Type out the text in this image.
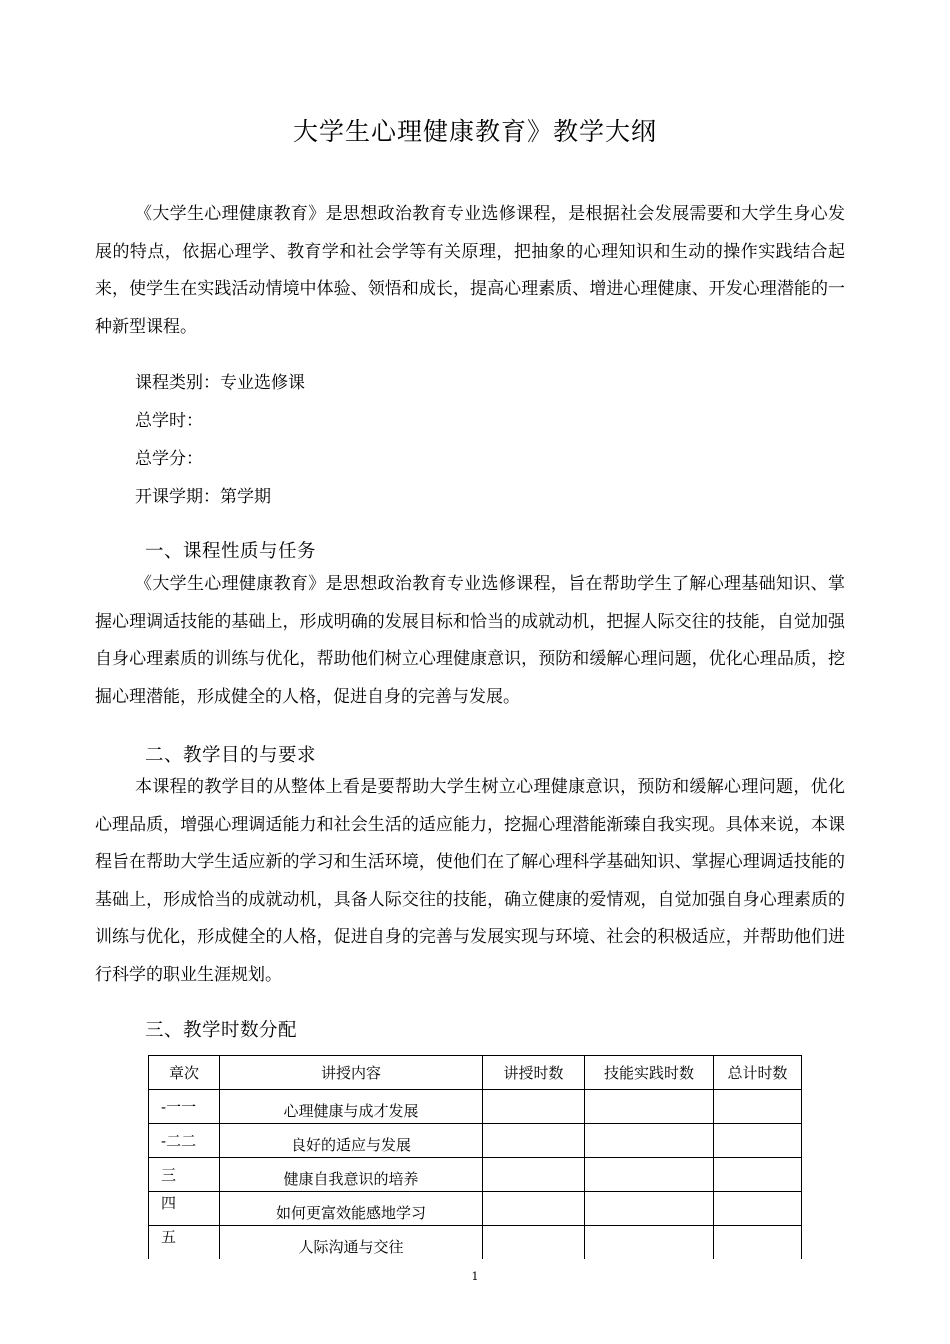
大学生心理健康教育》教学大纲

《大学生心理健康教育》是思想政治教育专业选修课程，是根据社会发展需要和大学生身心发展的特点，依据心理学、教育学和社会学等有关原理，把抽象的心理知识和生动的操作实践结合起来，使学生在实践活动情境中体验、领悟和成长，提高心理素质、增进心理健康、开发心理潜能的一种新型课程。

课程类别：专业选修课
总学时：
总学分：
开课学期：第学期
一、课程性质与任务

《大学生心理健康教育》是思想政治教育专业选修课程，旨在帮助学生了解心理基础知识、掌握心理调适技能的基础上，形成明确的发展目标和恰当的成就动机，把握人际交往的技能，自觉加强自身心理素质的训练与优化，帮助他们树立心理健康意识，预防和缓解心理问题，优化心理品质，挖掘心理潜能，形成健全的人格，促进自身的完善与发展。

二、教学目的与要求

本课程的教学目的从整体上看是要帮助大学生树立心理健康意识，预防和缓解心理问题，优化心理品质，增强心理调适能力和社会生活的适应能力，挖掘心理潜能渐臻自我实现。具体来说，本课程旨在帮助大学生适应新的学习和生活环境，使他们在了解心理科学基础知识、掌握心理调适技能的基础上，形成恰当的成就动机，具备人际交往的技能，确立健康的爱情观，自觉加强自身心理素质的训练与优化，形成健全的人格，促进自身的完善与发展实现与环境、社会的积极适应，并帮助他们进行科学的职业生涯规划。

三、教学时数分配
章次	讲授内容	讲授时数	技能实践时数	总计时数
-一一	心理健康与成才发展			
-二二	良好的适应与发展			
三	健康自我意识的培养			
四	如何更富效能感地学习			
五	人际沟通与交往			
1
